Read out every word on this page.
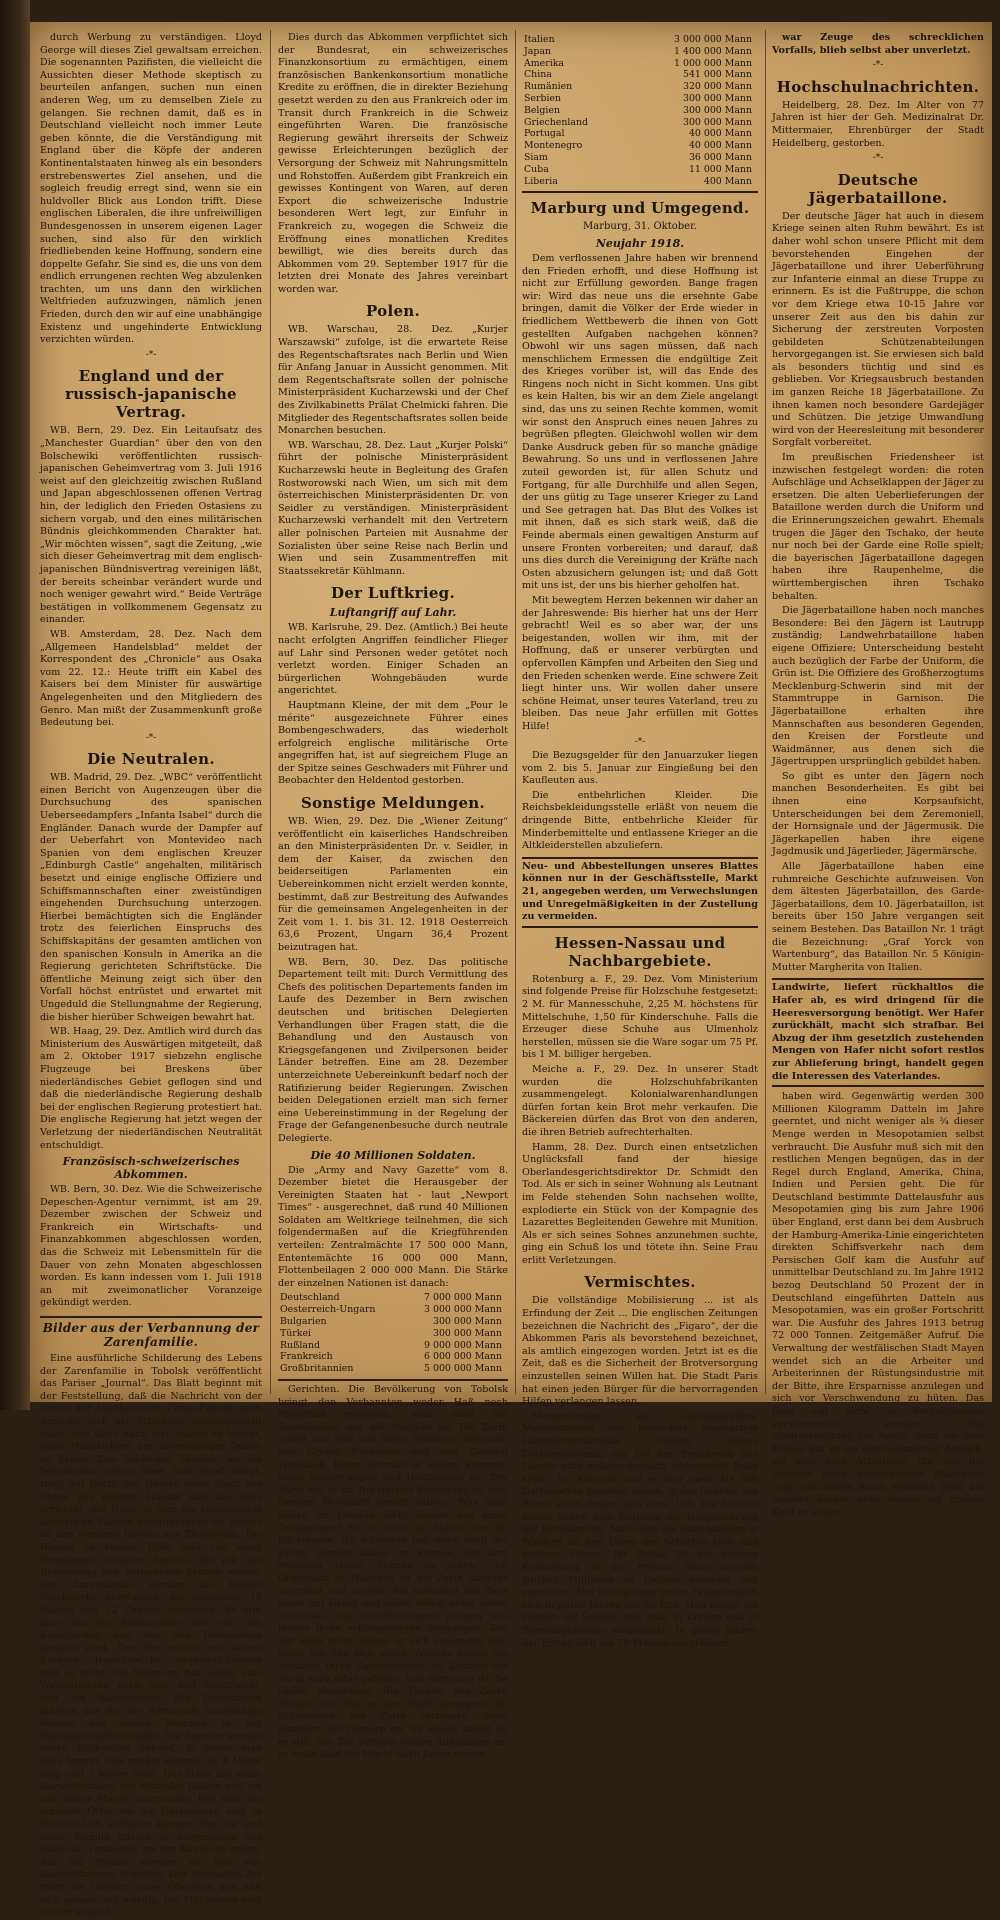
durch Werbung zu verständigen. Lloyd George will dieses Ziel gewaltsam erreichen. Die sogenannten Pazifisten, die vielleicht die Aussichten dieser Methode skeptisch zu beurteilen anfangen, suchen nun einen anderen Weg, um zu demselben Ziele zu gelangen. Sie rechnen damit, daß es in Deutschland vielleicht noch immer Leute geben könnte, die die Verständigung mit England über die Köpfe der anderen Kontinentalstaaten hinweg als ein besonders erstrebenswertes Ziel ansehen, und die sogleich freudig erregt sind, wenn sie ein huldvoller Blick aus London trifft. Diese englischen Liberalen, die ihre unfreiwilligen Bundesgenossen in unserem eigenen Lager suchen, sind also für den wirklich friedliebenden keine Hoffnung, sondern eine doppelte Gefahr. Sie sind es, die uns von dem endlich errungenen rechten Weg abzulenken trachten, um uns dann den wirklichen Weltfrieden aufzuzwingen, nämlich jenen Frieden, durch den wir auf eine unabhängige Existenz und ungehinderte Entwicklung verzichten würden.

-*-
England und der russisch-japanische Vertrag.

WB. Bern, 29. Dez. Ein Leitaufsatz des „Manchester Guardian“ über den von den Bolschewiki veröffentlichten russisch-japanischen Geheimvertrag vom 3. Juli 1916 weist auf den gleichzeitig zwischen Rußland und Japan abgeschlossenen offenen Vertrag hin, der lediglich den Frieden Ostasiens zu sichern vorgab, und den eines militärischen Bündnis gleichkommenden Charakter hat. „Wir möchten wissen“, sagt die Zeitung, „wie sich dieser Geheimvertrag mit dem englisch-japanischen Bündnisvertrag vereinigen läßt, der bereits scheinbar verändert wurde und noch weniger gewahrt wird.“ Beide Verträge bestätigen in vollkommenem Gegensatz zu einander.

WB. Amsterdam, 28. Dez. Nach dem „Allgemeen Handelsblad“ meldet der Korrespondent des „Chronicle“ aus Osaka vom 22. 12.: Heute trifft ein Kabel des Kaisers bei dem Minister für auswärtige Angelegenheiten und den Mitgliedern des Genro. Man mißt der Zusammenkunft große Bedeutung bei.

-*-
Die Neutralen.

WB. Madrid, 29. Dez. „WBC“ veröffentlicht einen Bericht von Augenzeugen über die Durchsuchung des spanischen Ueberseedampfers „Infanta Isabel“ durch die Engländer. Danach wurde der Dampfer auf der Ueberfahrt von Montevideo nach Spanien von dem englischen Kreuzer „Edinburgh Castle“ angehalten, militärisch besetzt und einige englische Offiziere und Schiffsmannschaften einer zweistündigen eingehenden Durchsuchung unterzogen. Hierbei bemächtigten sich die Engländer trotz des feierlichen Einspruchs des Schiffskapitäns der gesamten amtlichen von den spanischen Konsuln in Amerika an die Regierung gerichteten Schriftstücke. Die öffentliche Meinung zeigt sich über den Vorfall höchst entrüstet und erwartet mit Ungeduld die Stellungnahme der Regierung, die bisher hierüber Schweigen bewahrt hat.

WB. Haag, 29. Dez. Amtlich wird durch das Ministerium des Auswärtigen mitgeteilt, daß am 2. Oktober 1917 siebzehn englische Flugzeuge bei Breskens über niederländisches Gebiet geflogen sind und daß die niederländische Regierung deshalb bei der englischen Regierung protestiert hat. Die englische Regierung hat jetzt wegen der Verletzung der niederländischen Neutralität entschuldigt.

Französisch-schweizerisches Abkommen.

WB. Bern, 30. Dez. Wie die Schweizerische Depeschen-Agentur vernimmt, ist am 29. Dezember zwischen der Schweiz und Frankreich ein Wirtschafts- und Finanzabkommen abgeschlossen worden, das die Schweiz mit Lebensmitteln für die Dauer von zehn Monaten abgeschlossen worden. Es kann indessen vom 1. Juli 1918 an mit zweimonatlicher Voranzeige gekündigt werden.

Bilder aus der Verbannung der Zarenfamilie.

Eine ausführliche Schilderung des Lebens der Zarenfamilie in Tobolsk veröffentlicht das Pariser „Journal“. Das Blatt beginnt mit der Feststellung, daß die Nachricht von der Flucht der Allerhöchsten Zaren-Familie nach Amerika sich als Erfindung herausgestellt habe, und fährt dann fort, indem es betont, seine Nachrichten aus zuverlässiger Quelle zu haben: Das Städtchen Tobolsk, wo die Temperatur selten über Null Grad steigt, trägt mit Recht den Namen einer Stadt des Todes. Die meisten Häuser sind aus Holz errichtet, das Haus, in dem die zwölfköpfige kaiserliche Familie untergebracht ist, gehört zu den wenigen Bauten aus Ziegelstein. Die Räume zu ebener Erde sind von einer Kompagnie Soldaten besetzt, die mit der Bewachung der Verbannten betraut wurde. Der Zarenfamilie wurden die beiden Stockwerke überlassen, die insgesamt 14 Räume und 12 Zimmer enthalten. Es gibt aber nur ein Badezimmer, das von den Kaiserlichen und von den Dienstboten benützt wird. Der Zar wohnt mit seinen Kindern. Irgendwelche Bequemlichkeiten gibt es nicht; die Wohnung hat weder eine Wasserleitung noch Gas, und Elektrizität, und ein Badezimmer. Die Dienstboten müssen das für die Wirtschaft notwendige Wasser aus einem Brunnen in der Nachbarschaft schöpfen. Die Zimmer werden durch Kachelöfen geheizt, in denen man Holz brennt. Das größte Zimmer ist 8 Meter lang und 3 Meter breit. Das Haus hat keine Gartenterrasse; ein schmaler Balkon und ein von hoher Mauer umgrenzter Hof sind die einzigen Orte, wo die Gefangenen sich in frischer Luft aufhalten können. Der Zar und seine Familie dürfen in allgemeinen das Haus nur verlassen, um zur Kirche zu gehen. Auf die Straße werden sie von vier Gardeoffizieren begleitet. Der ehemalige Zar trägt die Uniform eines Obersten und hält sich gerade und würdig. Die Mahlzeiten sind höchst einfach.

Dies durch das Abkommen verpflichtet sich der Bundesrat, ein schweizerisches Finanzkonsortium zu ermächtigen, einem französischen Bankenkonsortium monatliche Kredite zu eröffnen, die in direkter Beziehung gesetzt werden zu den aus Frankreich oder im Transit durch Frankreich in die Schweiz eingeführten Waren. Die französische Regierung gewährt ihrerseits der Schweiz gewisse Erleichterungen bezüglich der Versorgung der Schweiz mit Nahrungsmitteln und Rohstoffen. Außerdem gibt Frankreich ein gewisses Kontingent von Waren, auf deren Export die schweizerische Industrie besonderen Wert legt, zur Einfuhr in Frankreich zu, wogegen die Schweiz die Eröffnung eines monatlichen Kredites bewilligt, wie dies bereits durch das Abkommen vom 29. September 1917 für die letzten drei Monate des Jahres vereinbart worden war.

Polen.

WB. Warschau, 28. Dez. „Kurjer Warszawski“ zufolge, ist die erwartete Reise des Regentschaftsrates nach Berlin und Wien für Anfang Januar in Aussicht genommen. Mit dem Regentschaftsrate sollen der polnische Ministerpräsident Kucharzewski und der Chef des Zivilkabinetts Prälat Chelmicki fahren. Die Mitglieder des Regentschaftsrates sollen beide Monarchen besuchen.

WB. Warschau, 28. Dez. Laut „Kurjer Polski“ führt der polnische Ministerpräsident Kucharzewski heute in Begleitung des Grafen Rostworowski nach Wien, um sich mit dem österreichischen Ministerpräsidenten Dr. von Seidler zu verständigen. Ministerpräsident Kucharzewski verhandelt mit den Vertretern aller polnischen Parteien mit Ausnahme der Sozialisten über seine Reise nach Berlin und Wien und sein Zusammentreffen mit Staatssekretär Kühlmann.

Der Luftkrieg.
Luftangriff auf Lahr.

WB. Karlsruhe, 29. Dez. (Amtlich.) Bei heute nacht erfolgten Angriffen feindlicher Flieger auf Lahr sind Personen weder getötet noch verletzt worden. Einiger Schaden an bürgerlichen Wohngebäuden wurde angerichtet.

Hauptmann Kleine, der mit dem „Pour le mérite“ ausgezeichnete Führer eines Bombengeschwaders, das wiederholt erfolgreich englische militärische Orte angegriffen hat, ist auf siegreichem Fluge an der Spitze seines Geschwaders mit Führer und Beobachter den Heldentod gestorben.

Sonstige Meldungen.

WB. Wien, 29. Dez. Die „Wiener Zeitung“ veröffentlicht ein kaiserliches Handschreiben an den Ministerpräsidenten Dr. v. Seidler, in dem der Kaiser, da zwischen den beiderseitigen Parlamenten ein Uebereinkommen nicht erzielt werden konnte, bestimmt, daß zur Bestreitung des Aufwandes für die gemeinsamen Angelegenheiten in der Zeit vom 1. 1. bis 31. 12. 1918 Oesterreich 63,6 Prozent, Ungarn 36,4 Prozent beizutragen hat.

WB. Bern, 30. Dez. Das politische Departement teilt mit: Durch Vermittlung des Chefs des politischen Departements fanden im Laufe des Dezember in Bern zwischen deutschen und britischen Delegierten Verhandlungen über Fragen statt, die die Behandlung und den Austausch von Kriegsgefangenen und Zivilpersonen beider Länder betreffen. Eine am 28. Dezember unterzeichnete Uebereinkunft bedarf noch der Ratifizierung beider Regierungen. Zwischen beiden Delegationen erzielt man sich ferner eine Uebereinstimmung in der Regelung der Frage der Gefangenenbesuche durch neutrale Delegierte.

Die 40 Millionen Soldaten.

Die „Army and Navy Gazette“ vom 8. Dezember bietet die Herausgeber der Vereinigten Staaten hat - laut „Newport Times“ - ausgerechnet, daß rund 40 Millionen Soldaten am Weltkriege teilnehmen, die sich folgendermaßen auf die Kriegführenden verteilen: Zentralmächte 17 500 000 Mann, Ententemächte 16 000 000 Mann, Flottenbeilagen 2 000 000 Mann. Die Stärke der einzelnen Nationen ist danach:

Deutschland	7 000 000 Mann
Oesterreich-Ungarn	3 000 000 Mann
Bulgarien	300 000 Mann
Türkei	300 000 Mann
Rußland	9 000 000 Mann
Frankreich	6 000 000 Mann
Großbritannien	5 000 000 Mann

Gerichten. Die Bevölkerung von Tobolsk bringt den Verbannten weder Haß noch Mitgefühl entgegen, man sieht die Zarenfamilie nur mit Neugier an. Die Zarin erhält nur fünf von ihren früheren Getreuen, den Grafen Frederiks und den General Woyeikoff. Ihnen vertraut er seinen Kummer, seine Erinnerungen und Hoffnungen an. Der Zarin soll er im Ton tiefster Entsagung zu dem General Woyeikoff gesagt haben: „Was mein Leben im Grunde nicht immer das eines Gefangenen? Es ist nicht die Macht, um die ich trauere. Ich wünschte nur, mich noch der Krone geträgt haben zu können, um dort zwischen vielen Blumen zu leben.“ Im Gegensatz zu Nikolaus ist die Zarin überaus vergrämt und nervös. Sie verbringt die Tage meist mit Gebet und leidet heftig unter ihrem Schicksal. Die Großfürstinnen pflegen wie immer ihren schöngeistigen Neigungen. Der Zar weiß nicht, wohin er sich zuwenden soll, wenn der Tag sich endet. Abends halten die Soldaten ihren Zapfenstreich. Im Zimmer der Zarin wird Bibel gelesen. Ihre Vertraute ist die Gräfin Narischkin. Die Töchter des Zaren dürfen sich frei in der Stadt bewegen; die Schwestern der Zarin vertrauen ihren Kummer den Dienern an. Im Hause selbst ist es still. Der Zar vertraut seinen Adjutanten an, er wolle bald die Flucht nach Japan wagen.

Italien	3 000 000 Mann
Japan	1 400 000 Mann
Amerika	1 000 000 Mann
China	541 000 Mann
Rumänien	320 000 Mann
Serbien	300 000 Mann
Belgien	300 000 Mann
Griechenland	300 000 Mann
Portugal	40 000 Mann
Montenegro	40 000 Mann
Siam	36 000 Mann
Cuba	11 000 Mann
Liberia	400 Mann
Marburg und Umgegend.
Marburg, 31. Oktober.
Neujahr 1918.

Dem verflossenen Jahre haben wir brennend den Frieden erhofft, und diese Hoffnung ist nicht zur Erfüllung geworden. Bange fragen wir: Wird das neue uns die ersehnte Gabe bringen, damit die Völker der Erde wieder in friedlichem Wettbewerb die ihnen von Gott gestellten Aufgaben nachgehen können? Obwohl wir uns sagen müssen, daß nach menschlichem Ermessen die endgültige Zeit des Krieges vorüber ist, will das Ende des Ringens noch nicht in Sicht kommen. Uns gibt es kein Halten, bis wir an dem Ziele angelangt sind, das uns zu seinen Rechte kommen, womit wir sonst den Anspruch eines neuen Jahres zu begrüßen pflegten. Gleichwohl wollen wir dem Danke Ausdruck geben für so manche gnädige Bewahrung. So uns und in verflossenen Jahre zuteil geworden ist, für allen Schutz und Fortgang, für alle Durchhilfe und allen Segen, der uns gütig zu Tage unserer Krieger zu Land und See getragen hat. Das Blut des Volkes ist mit ihnen, daß es sich stark weiß, daß die Feinde abermals einen gewaltigen Ansturm auf unsere Fronten vorbereiten; und darauf, daß uns dies durch die Vereinigung der Kräfte nach Osten abzusichern gelungen ist; und daß Gott mit uns ist, der uns bis hierher geholfen hat.

Mit bewegtem Herzen bekennen wir daher an der Jahreswende: Bis hierher hat uns der Herr gebracht! Weil es so aber war, der uns beigestanden, wollen wir ihm, mit der Hoffnung, daß er unserer verbürgten und opfervollen Kämpfen und Arbeiten den Sieg und den Frieden schenken werde. Eine schwere Zeit liegt hinter uns. Wir wollen daher unsere schöne Heimat, unser teures Vaterland, treu zu bleiben. Das neue Jahr erfüllen mit Gottes Hilfe!

-*-

Die Bezugsgelder für den Januarzuker liegen vom 2. bis 5. Januar zur Eingießung bei den Kaufleuten aus.

Die entbehrlichen Kleider. Die Reichsbekleidungsstelle erläßt von neuem die dringende Bitte, entbehrliche Kleider für Minderbemittelte und entlassene Krieger an die Altkleiderstellen abzuliefern.

Neu- und Abbestellungen unseres Blattes können nur in der Geschäftsstelle, Markt 21, angegeben werden, um Verwechslungen und Unregelmäßigkeiten in der Zustellung zu vermeiden.

Hessen-Nassau und Nachbargebiete.

Rotenburg a. F., 29. Dez. Vom Ministerium sind folgende Preise für Holzschuhe festgesetzt: 2 M. für Mannesschuhe, 2,25 M. höchstens für Mittelschuhe, 1,50 für Kinderschuhe. Falls die Erzeuger diese Schuhe aus Ulmenholz herstellen, müssen sie die Ware sogar um 75 Pf. bis 1 M. billiger hergeben.

Meiche a. F., 29. Dez. In unserer Stadt wurden die Holzschuhfabrikanten zusammengelegt. Kolonialwarenhandlungen dürfen fortan kein Brot mehr verkaufen. Die Bäckereien dürfen das Brot von den anderen, die ihren Betrieb aufrechterhalten.

Hamm, 28. Dez. Durch einen entsetzlichen Unglücksfall fand der hiesige Oberlandesgerichtsdirektor Dr. Schmidt den Tod. Als er sich in seiner Wohnung als Leutnant im Felde stehenden Sohn nachsehen wollte, explodierte ein Stück von der Kompagnie des Lazarettes Begleitenden Gewehre mit Munition. Als er sich seines Sohnes anzunehmen suchte, ging ein Schuß los und tötete ihn. Seine Frau erlitt Verletzungen.

Vermischtes.

Die vollständige Mobilisierung ... ist als Erfindung der Zeit ... Die englischen Zeitungen bezeichnen die Nachricht des „Figaro“, der die Abkommen Paris als bevorstehend bezeichnet, als amtlich eingezogen worden. Jetzt ist es die Zeit, daß es die Sicherheit der Brotversorgung einzustellen seinen Willen hat. Die Stadt Paris hat einen jeden Bürger für die hervorragenden Hilfen verlangen lassen.

Mesopotamien als Dattelparadies. Mesopotamien hat besonders eigenartige Handelsverhältnisse infolge seines Dattelreichtums, der bei der Ernährung des Landes eine außerordentlich bedeutende Rolle spielt. Im Altertum soll es hier mehr als 300 Dattelsorten gegeben haben, in der Gegend von Basra allein finden sich etwa 150. Die Datteln bilden neben dem Getreide die Hauptnahrung der Bevölkerung. Man sieht die Dattelpalmen in Wäldern an den Ufern des Schatt-el-Arab und anderer Flüsse. Ihr Anbau ist ein eigener Kunstzweig, in der Provinz Basra werden jährlich Millionen an Datteln geerntet und exportiert. Der Ertrag einer jeden Palme beläuft sich in guten Jahren auf 50 Kilo. Man bringt die Datteln auf Schiffe, und zwar in Körben und in Bambusgeflechte eingepackt. In guten Jahren der Ertrag sich um 50 Prozent vergrößern.

war Zeuge des schrecklichen Vorfalls, blieb selbst aber unverletzt.

-*-
Hochschulnachrichten.

Heidelberg, 28. Dez. Im Alter von 77 Jahren ist hier der Geh. Medizinalrat Dr. Mittermaier, Ehrenbürger der Stadt Heidelberg, gestorben.

-*-
Deutsche Jägerbataillone.

Der deutsche Jäger hat auch in diesem Kriege seinen alten Ruhm bewährt. Es ist daher wohl schon unsere Pflicht mit dem bevorstehenden Eingehen der Jägerbataillone und ihrer Ueberführung zur Infanterie einmal an diese Truppe zu erinnern. Es ist die Fußtruppe, die schon vor dem Kriege etwa 10-15 Jahre vor unserer Zeit aus den bis dahin zur Sicherung der zerstreuten Vorposten gebildeten Schützenabteilungen hervorgegangen ist. Sie erwiesen sich bald als besonders tüchtig und sind es geblieben. Vor Kriegsausbruch bestanden im ganzen Reiche 18 Jägerbataillone. Zu ihnen kamen noch besondere Gardejäger und Schützen. Die jetzige Umwandlung wird von der Heeresleitung mit besonderer Sorgfalt vorbereitet.

Im preußischen Friedensheer ist inzwischen festgelegt worden: die roten Aufschläge und Achselklappen der Jäger zu ersetzen. Die alten Ueberlieferungen der Bataillone werden durch die Uniform und die Erinnerungszeichen gewahrt. Ehemals trugen die Jäger den Tschako, der heute nur noch bei der Garde eine Rolle spielt; die bayerischen Jägerbataillone dagegen haben ihre Raupenhelme, die württembergischen ihren Tschako behalten.

Die Jägerbataillone haben noch manches Besondere: Bei den Jägern ist Lautrupp zuständig; Landwehrbataillone haben eigene Offiziere; Unterscheidung besteht auch bezüglich der Farbe der Uniform, die Grün ist. Die Offiziere des Großherzogtums Mecklenburg-Schwerin sind mit der Stammtruppe in Garnison. Die Jägerbataillone erhalten ihre Mannschaften aus besonderen Gegenden, den Kreisen der Forstleute und Waidmänner, aus denen sich die Jägertruppen ursprünglich gebildet haben.

So gibt es unter den Jägern noch manchen Besonderheiten. Es gibt bei ihnen eine Korpsaufsicht, Unterscheidungen bei dem Zeremoniell, der Hornsignale und der Jägermusik. Die Jägerkapellen haben ihre eigene Jagdmusik und Jägerlieder, Jägermärsche.

Alle Jägerbataillone haben eine ruhmreiche Geschichte aufzuweisen. Von dem ältesten Jägerbataillon, des Garde-Jägerbataillons, dem 10. Jägerbataillon, ist bereits über 150 Jahre vergangen seit seinem Bestehen. Das Bataillon Nr. 1 trägt die Bezeichnung: „Graf Yorck von Wartenburg“, das Bataillon Nr. 5 Königin-Mutter Margherita von Italien.

Landwirte, liefert rückhaltlos die Hafer ab, es wird dringend für die Heeresversorgung benötigt. Wer Hafer zurückhält, macht sich strafbar. Bei Abzug der ihm gesetzlich zustehenden Mengen von Hafer nicht sofort restlos zur Ablieferung bringt, handelt gegen die Interessen des Vaterlandes.

haben wird. Gegenwärtig werden 300 Millionen Kilogramm Datteln im Jahre geerntet, und nicht weniger als ¾ dieser Menge werden in Mesopotamien selbst verbraucht. Die Ausfuhr muß sich mit den restlichen Mengen begnügen, das in der Regel durch England, Amerika, China, Indien und Persien geht. Die für Deutschland bestimmte Dattelausfuhr aus Mesopotamien ging bis zum Jahre 1906 über England, erst dann bei dem Ausbruch der Hamburg-Amerika-Linie eingerichteten direkten Schiffsverkehr nach dem Persischen Golf kam die Ausfuhr auf unmittelbar Deutschland zu. Im Jahre 1912 bezog Deutschland 50 Prozent der in Deutschland eingeführten Datteln aus Mesopotamien, was ein großer Fortschritt war. Die Ausfuhr des Jahres 1913 betrug 72 000 Tonnen. Zeitgemäßer Aufruf. Die Verwaltung der westfälischen Stadt Mayen wendet sich an die Arbeiter und Arbeiterinnen der Rüstungsindustrie mit der Bitte, ihre Ersparnisse anzulegen und sich vor Verschwendung zu hüten. Das Geld soll nicht in Vergnügungen verschwendet werden. Die Stadtverwaltung hat Recht, denn vor dem Kriege war es ein ungewöhnlicher Anblick, als man eine Arbeiterin, die nur die Schürze eines gewöhnlichen Mädchens trug, mit einem Stück seidenen Stoff bei unserer Kinder, ohne vorher auf großen Kauf zu sehen.
